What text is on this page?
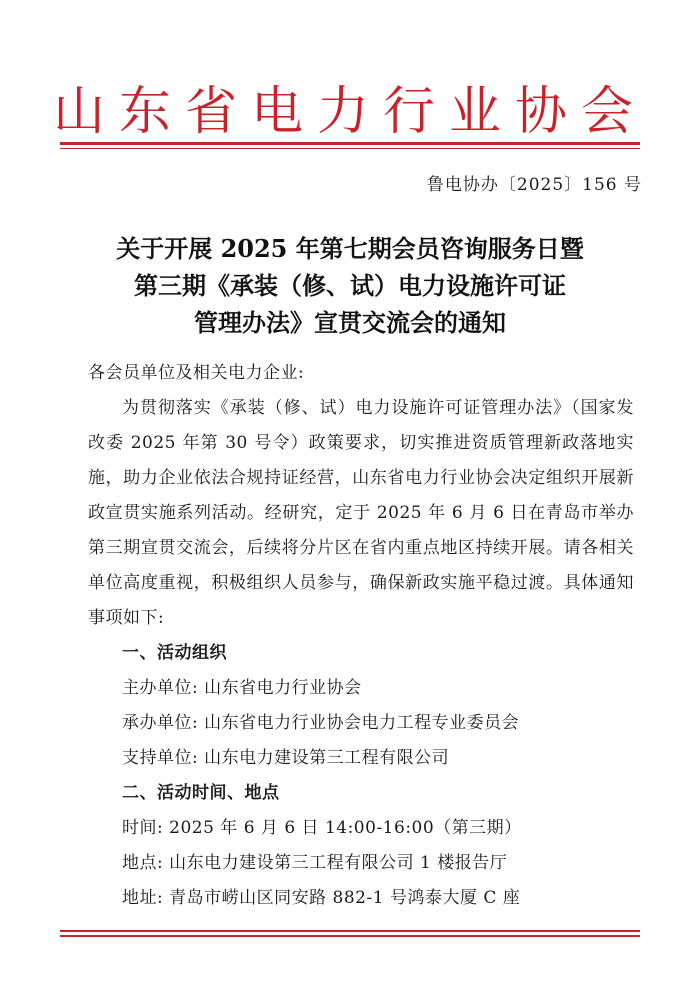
山东省电力行业协会
鲁电协办〔2025〕156 号
关于开展 2025 年第七期会员咨询服务日暨
第三期《承装（修、试）电力设施许可证
管理办法》宣贯交流会的通知

各会员单位及相关电力企业:

为贯彻落实《承装（修、试）电力设施许可证管理办法》（国家发改委 2025 年第 30 号令）政策要求，切实推进资质管理新政落地实施，助力企业依法合规持证经营，山东省电力行业协会决定组织开展新政宣贯实施系列活动。经研究，定于 2025 年 6 月 6 日在青岛市举办第三期宣贯交流会，后续将分片区在省内重点地区持续开展。请各相关单位高度重视，积极组织人员参与，确保新政实施平稳过渡。具体通知事项如下:

一、活动组织

主办单位: 山东省电力行业协会

承办单位: 山东省电力行业协会电力工程专业委员会

支持单位: 山东电力建设第三工程有限公司

二、活动时间、地点

时间: 2025 年 6 月 6 日 14:00-16:00（第三期）

地点: 山东电力建设第三工程有限公司 1 楼报告厅

地址: 青岛市崂山区同安路 882-1 号鸿泰大厦 C 座
